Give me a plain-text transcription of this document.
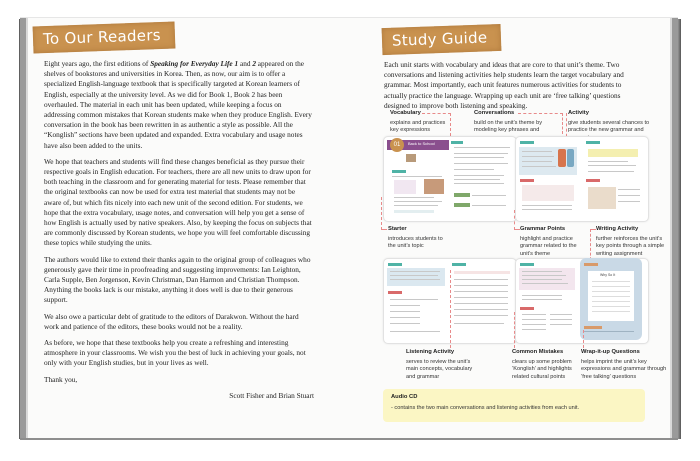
To Our Readers

Eight years ago, the first editions of Speaking for Everyday Life 1 and 2 appeared on the shelves of bookstores and universities in Korea. Then, as now, our aim is to offer a specialized English-language textbook that is specifically targeted at Korean learners of English, especially at the university level. As we did for Book 1, Book 2 has been overhauled. The material in each unit has been updated, while keeping a focus on addressing common mistakes that Korean students make when they produce English. Every conversation in the book has been rewritten in as authentic a style as possible. All the “Konglish” sections have been updated and expanded. Extra vocabulary and usage notes have also been added to the units.

We hope that teachers and students will find these changes beneficial as they pursue their respective goals in English education. For teachers, there are all new units to draw upon for both teaching in the classroom and for generating material for tests. Please remember that the original textbooks can now be used for extra test material that students may not be aware of, but which fits nicely into each new unit of the second edition. For students, we hope that the extra vocabulary, usage notes, and conversation will help you get a sense of how English is actually used by native speakers. Also, by keeping the focus on subjects that are commonly discussed by Korean students, we hope you will feel comfortable discussing these topics while studying the units.

The authors would like to extend their thanks again to the original group of colleagues who generously gave their time in proofreading and suggesting improvements: Ian Leighton, Carla Supple, Ben Jorgenson, Kevin Christman, Dan Harmon and Christian Thompson. Anything the books lack is our mistake, anything it does well is due to their generous support.

We also owe a particular debt of gratitude to the editors of Darakwon. Without the hard work and patience of the editors, these books would not be a reality.

As before, we hope that these textbooks help you create a refreshing and interesting atmosphere in your classrooms. We wish you the best of luck in achieving your goals, not only with your English studies, but in your lives as well.

Thank you,

Scott Fisher and Brian Stuart

Study Guide
Each unit starts with vocabulary and ideas that are core to that unit’s theme. Two conversations and listening activities help students learn the target vocabulary and grammar. Most importantly, each unit features numerous activities for students to actually practice the language. Wrapping up each unit are ‘free talking’ questions designed to improve both listening and speaking.
Vocabulary
explains and practices key expressions
Conversations
build on the unit’s theme by modeling key phrases and
Activity
give students several chances to practice the new grammar and
01	Back to School
Starter
introduces students to the unit’s topic
Grammar Points
highlight and practice grammar related to the unit’s theme
Writing Activity
further reinforces the unit’s key points through a simple writing assignment
Why So It
Listening Activity
serves to review the unit’s main concepts, vocabulary and grammar
Common Mistakes
clears up some problem ‘Konglish’ and highlights related cultural points
Wrap-it-up Questions
helps imprint the unit’s key expressions and grammar through ‘free talking’ questions
Audio CD
- contains the two main conversations and listening activities from each unit.
